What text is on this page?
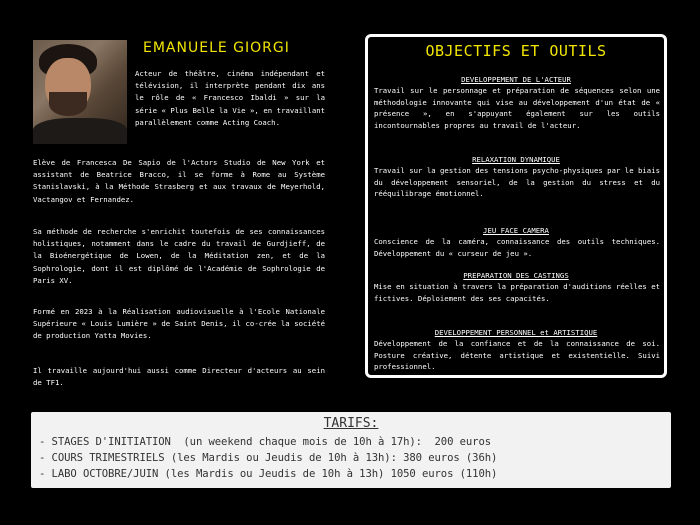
EMANUELE GIORGI

Acteur de théâtre, cinéma indépendant et télévision, il interprète pendant dix ans le rôle de « Francesco Ibaldi » sur la série « Plus Belle la Vie », en travaillant parallèlement comme Acting Coach.

Elève de Francesca De Sapio de l'Actors Studio de New York et assistant de Beatrice Bracco, il se forme à Rome au Système Stanislavski, à la Méthode Strasberg et aux travaux de Meyerhold, Vactangov et Fernandez.

Sa méthode de recherche s'enrichit toutefois de ses connaissances holistiques, notamment dans le cadre du travail de Gurdjieff, de la Bioénergétique de Lowen, de la Méditation zen, et de la Sophrologie, dont il est diplômé de l'Académie de Sophrologie de Paris XV.

Formé en 2023 à la Réalisation audiovisuelle à l'Ecole Nationale Supérieure « Louis Lumière » de Saint Denis, il co-crée la société de production Yatta Movies.

Il travaille aujourd'hui aussi comme Directeur d'acteurs au sein de TF1.

OBJECTIFS ET OUTILS
DEVELOPPEMENT DE L'ACTEUR

Travail sur le personnage et préparation de séquences selon une méthodologie innovante qui vise au développement d'un état de « présence », en s'appuyant également sur les outils incontournables propres au travail de l'acteur.

RELAXATION DYNAMIQUE

Travail sur la gestion des tensions psycho-physiques par le biais du développement sensoriel, de la gestion du stress et du rééquilibrage émotionnel.

JEU FACE CAMERA

Conscience de la caméra, connaissance des outils techniques. Développement du « curseur de jeu ».

PREPARATION DES CASTINGS

Mise en situation à travers la préparation d'auditions réelles et fictives. Déploiement des ses capacités.

DEVELOPPEMENT PERSONNEL et ARTISTIQUE

Développement de la confiance et de la connaissance de soi. Posture créative, détente artistique et existentielle. Suivi professionnel.

TARIFS:
- STAGES D'INITIATION  (un weekend chaque mois de 10h à 17h):  200 euros
- COURS TRIMESTRIELS (les Mardis ou Jeudis de 10h à 13h): 380 euros (36h)
- LABO OCTOBRE/JUIN (les Mardis ou Jeudis de 10h à 13h) 1050 euros (110h)
